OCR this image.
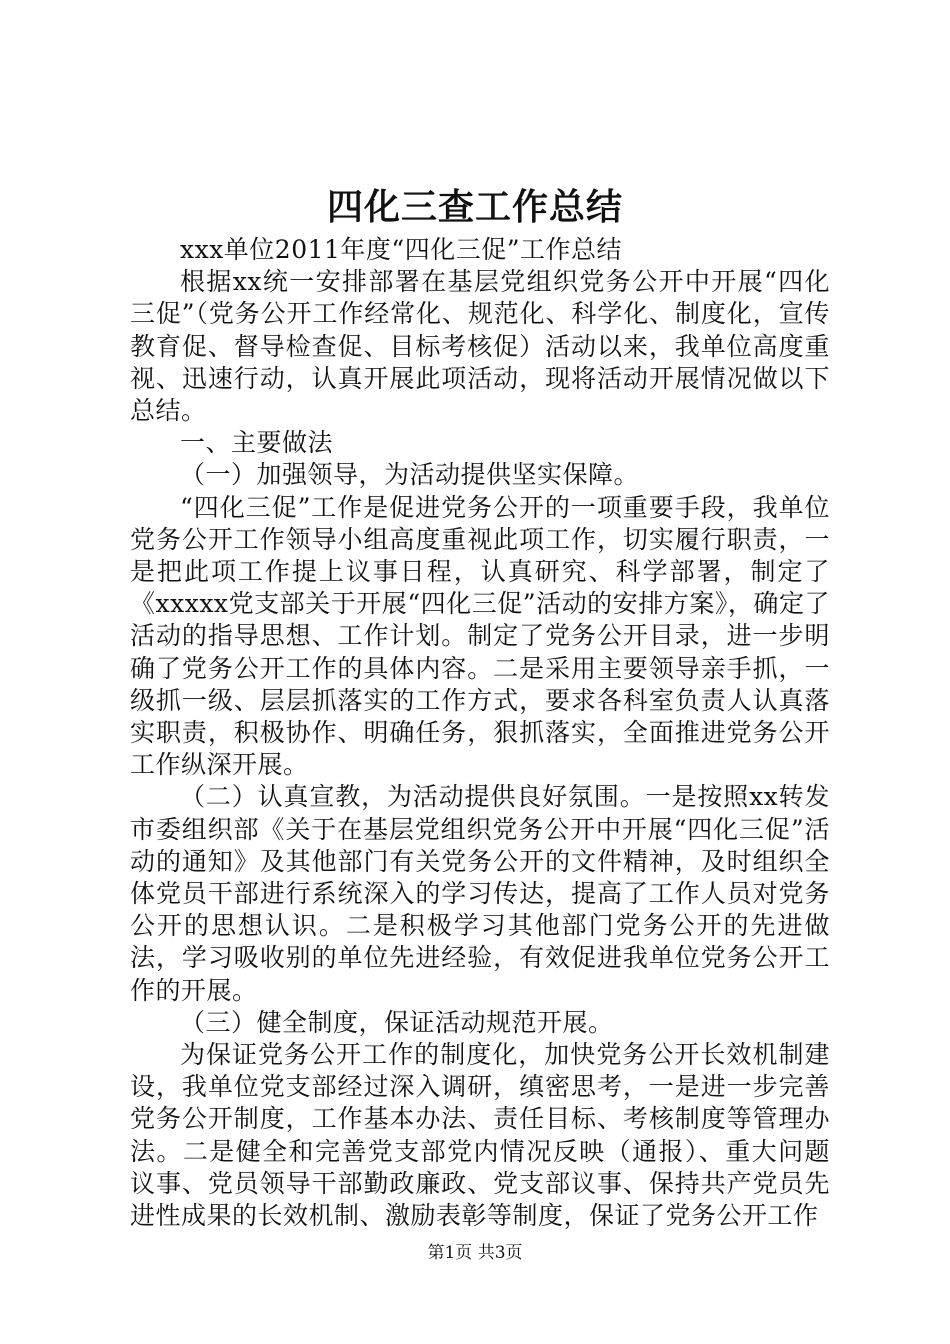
四化三查工作总结

xxx单位2011年度“四化三促”工作总结

根据xx统一安排部署在基层党组织党务公开中开展“四化三促”（党务公开工作经常化、规范化、科学化、制度化，宣传教育促、督导检查促、目标考核促）活动以来，我单位高度重视、迅速行动，认真开展此项活动，现将活动开展情况做以下总结。

一、主要做法

（一）加强领导，为活动提供坚实保障。

“四化三促”工作是促进党务公开的一项重要手段，我单位党务公开工作领导小组高度重视此项工作，切实履行职责，一是把此项工作提上议事日程，认真研究、科学部署，制定了《xxxxx党支部关于开展“四化三促”活动的安排方案》，确定了活动的指导思想、工作计划。制定了党务公开目录，进一步明确了党务公开工作的具体内容。二是采用主要领导亲手抓，一级抓一级、层层抓落实的工作方式，要求各科室负责人认真落实职责，积极协作、明确任务，狠抓落实，全面推进党务公开工作纵深开展。

（二）认真宣教，为活动提供良好氛围。一是按照xx转发市委组织部《关于在基层党组织党务公开中开展“四化三促”活动的通知》及其他部门有关党务公开的文件精神，及时组织全体党员干部进行系统深入的学习传达，提高了工作人员对党务公开的思想认识。二是积极学习其他部门党务公开的先进做法，学习吸收别的单位先进经验，有效促进我单位党务公开工作的开展。

（三）健全制度，保证活动规范开展。

为保证党务公开工作的制度化，加快党务公开长效机制建设，我单位党支部经过深入调研，缜密思考，一是进一步完善党务公开制度，工作基本办法、责任目标、考核制度等管理办法。二是健全和完善党支部党内情况反映（通报）、重大问题议事、党员领导干部勤政廉政、党支部议事、保持共产党员先进性成果的长效机制、激励表彰等制度，保证了党务公开工作

第1页 共3页
